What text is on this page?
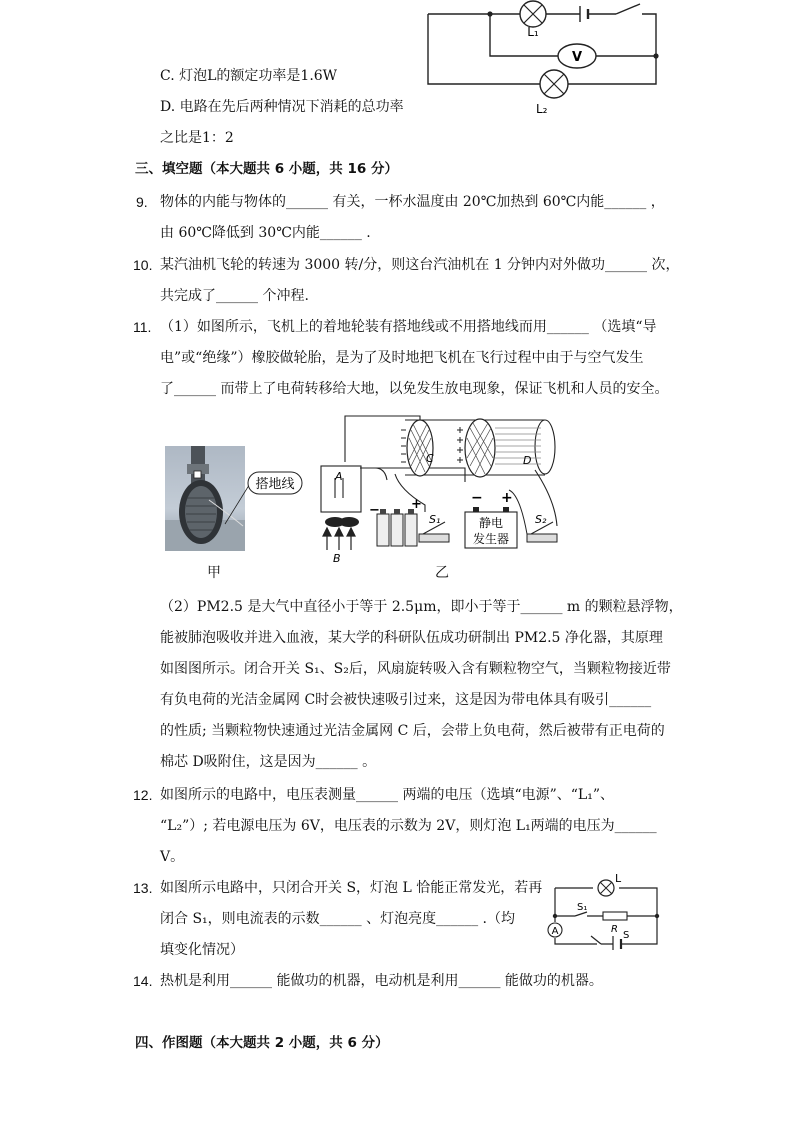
L₁
V
L₂
C. 灯泡L的额定功率是1.6W
D. 电路在先后两种情况下消耗的总功率
之比是1：2
三、填空题（本大题共 6 小题，共 16 分）
9. 物体的内能与物体的______ 有关，一杯水温度由 20℃加热到 60℃内能______ ，
由 60℃降低到 30℃内能______ .
10. 某汽油机飞轮的转速为 3000 转/分，则这台汽油机在 1 分钟内对外做功______ 次，
共完成了______ 个冲程.
11. （1）如图所示，飞机上的着地轮装有搭地线或不用搭地线而用______ （选填“导
电”或“绝缘”）橡胶做轮胎，是为了及时地把飞机在飞行过程中由于与空气发生
了______ 而带上了电荷转移给大地，以免发生放电现象，保证飞机和人员的安全。
搭地线
甲
A
B
C	D
S₁	S₂
静电
发生器
− +
− +
乙
（2）PM2.5 是大气中直径小于等于 2.5μm，即小于等于______ m 的颗粒悬浮物，
能被肺泡吸收并进入血液，某大学的科研队伍成功研制出 PM2.5 净化器，其原理
如图图所示。闭合开关 S₁、S₂后，风扇旋转吸入含有颗粒物空气，当颗粒物接近带
有负电荷的光洁金属网 C时会被快速吸引过来，这是因为带电体具有吸引______
的性质; 当颗粒物快速通过光洁金属网 C 后，会带上负电荷，然后被带有正电荷的
棉芯 D吸附住，这是因为______ 。
12. 如图所示的电路中，电压表测量______ 两端的电压（选填“电源”、“L₁”、
“L₂”）; 若电源电压为 6V，电压表的示数为 2V，则灯泡 L₁两端的电压为______
V。
13. 如图所示电路中，只闭合开关 S，灯泡 L 恰能正常发光，若再
闭合 S₁，则电流表的示数______ 、灯泡亮度______ .（均
填变化情况）
L
S₁
R
A	S
14. 热机是利用______ 能做功的机器，电动机是利用______ 能做功的机器。
四、作图题（本大题共 2 小题，共 6 分）
